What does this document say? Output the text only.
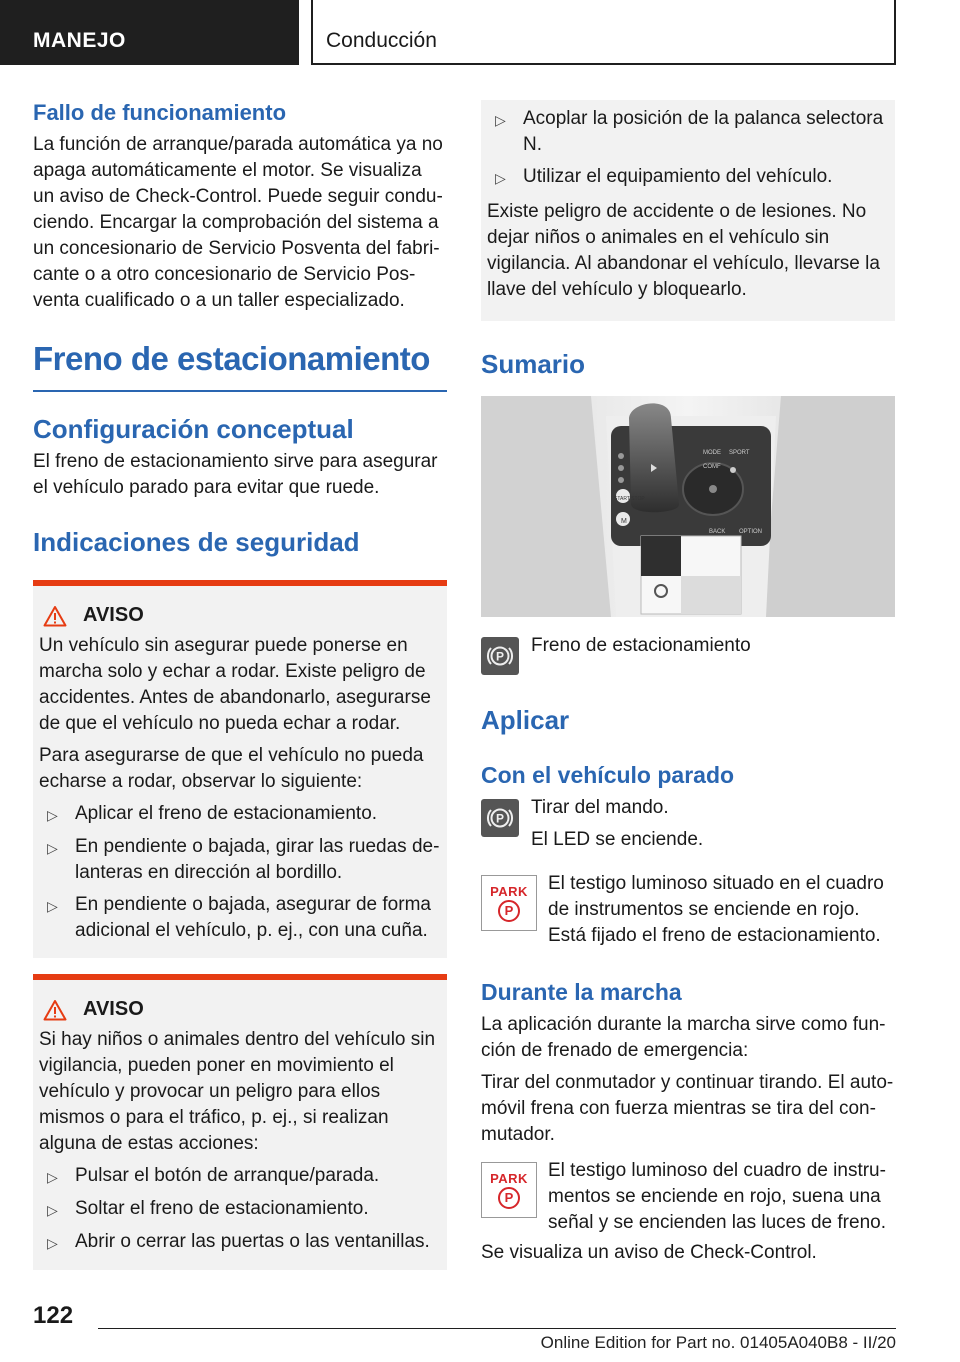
MANEJO	Conducción
Fallo de funcionamiento

La función de arranque/parada automática ya no apaga automáticamente el motor. Se visualiza un aviso de Check-Control. Puede seguir conduciendo. Encargar la comprobación del sistema a un concesionario de Servicio Posventa del fabricante o a otro concesionario de Servicio Posventa cualificado o a un taller especializado.

Freno de estacionamiento
Configuración conceptual

El freno de estacionamiento sirve para asegurar el vehículo parado para evitar que ruede.

Indicaciones de seguridad
AVISO

Un vehículo sin asegurar puede ponerse en marcha solo y echar a rodar. Existe peligro de accidentes. Antes de abandonarlo, asegurarse de que el vehículo no pueda echar a rodar.

Para asegurarse de que el vehículo no pueda echarse a rodar, observar lo siguiente:

▷ Aplicar el freno de estacionamiento.
▷ En pendiente o bajada, girar las ruedas delanteras en dirección al bordillo.
▷ En pendiente o bajada, asegurar de forma adicional el vehículo, p. ej., con una cuña.
AVISO

Si hay niños o animales dentro del vehículo sin vigilancia, pueden poner en movimiento el vehículo y provocar un peligro para ellos mismos o para el tráfico, p. ej., si realizan alguna de estas acciones:

▷ Pulsar el botón de arranque/parada.
▷ Soltar el freno de estacionamiento.
▷ Abrir o cerrar las puertas o las ventanillas.
▷ Acoplar la posición de la palanca selectora N.
▷ Utilizar el equipamiento del vehículo.

Existe peligro de accidente o de lesiones. No dejar niños o animales en el vehículo sin vigilancia. Al abandonar el vehículo, llevarse la llave del vehículo y bloquearlo.

Sumario
MODE SPORT
COMF
BACK OPTION
START STOP
M
P

Freno de estacionamiento

Aplicar
Con el vehículo parado
P

Tirar del mando.

El LED se enciende.

PARK
P

El testigo luminoso situado en el cuadro de instrumentos se enciende en rojo. Está fijado el freno de estacionamiento.

Durante la marcha

La aplicación durante la marcha sirve como función de frenado de emergencia:

Tirar del conmutador y continuar tirando. El automóvil frena con fuerza mientras se tira del conmutador.

PARK
P

El testigo luminoso del cuadro de instrumentos se enciende en rojo, suena una señal y se encienden las luces de freno.

Se visualiza un aviso de Check-Control.

122
Online Edition for Part no. 01405A040B8 - II/20
